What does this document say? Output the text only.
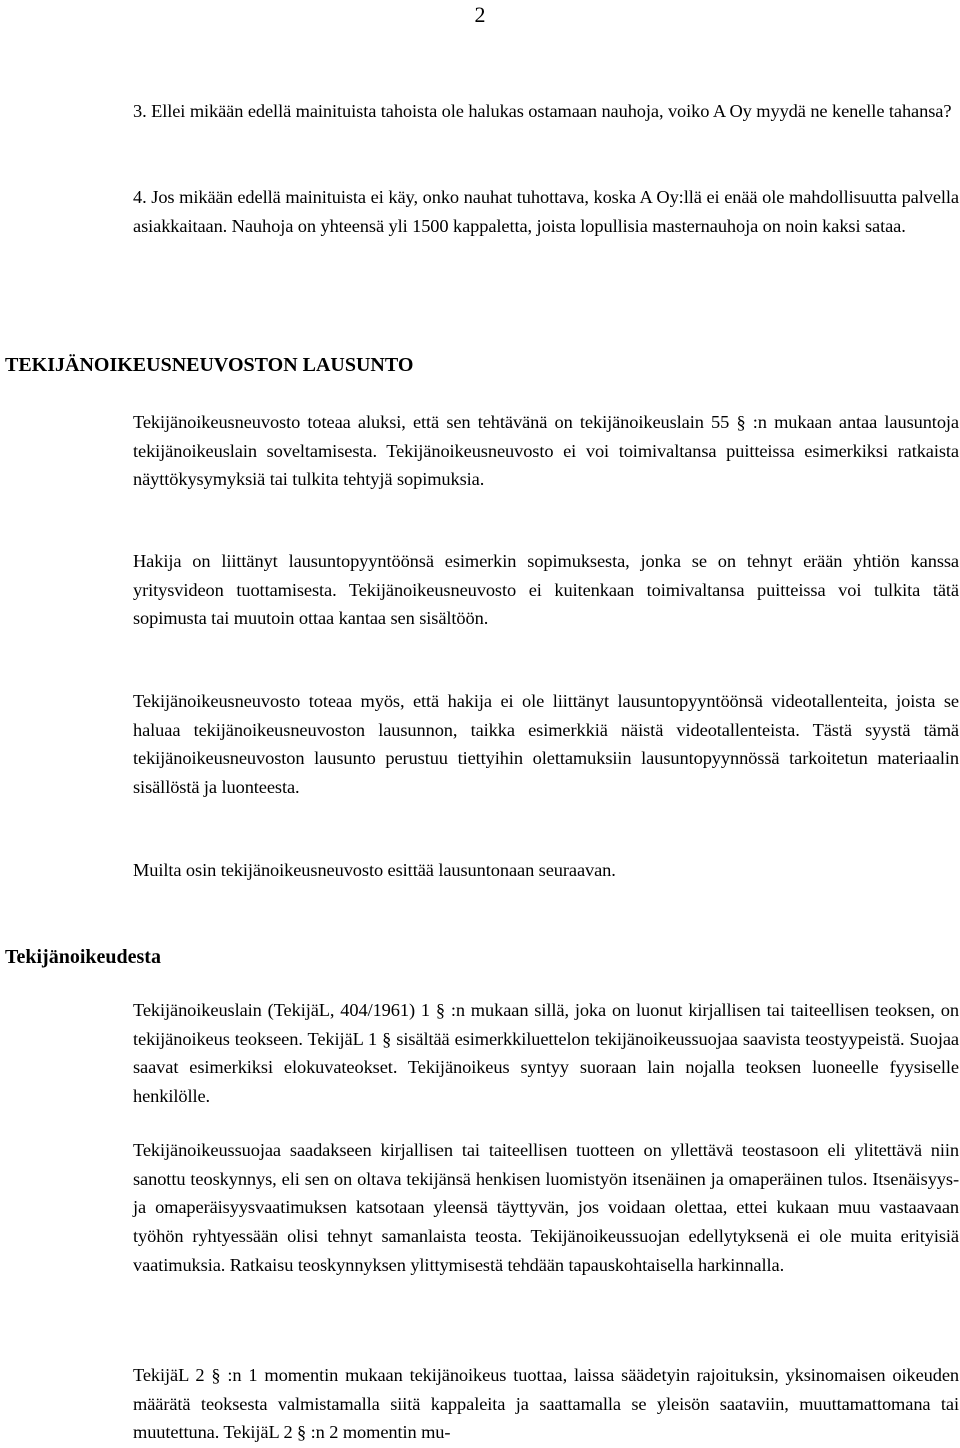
2

3. Ellei mikään edellä mainituista tahoista ole halukas ostamaan nauhoja, voiko A Oy myydä ne kenelle tahansa?

4. Jos mikään edellä mainituista ei käy, onko nauhat tuhottava, koska A Oy:llä ei enää ole mahdollisuutta palvella asiakkaitaan. Nauhoja on yhteensä yli 1500 kappaletta, joista lopullisia masternauhoja on noin kaksi sataa.

TEKIJÄNOIKEUSNEUVOSTON LAUSUNTO

Tekijänoikeusneuvosto toteaa aluksi, että sen tehtävänä on tekijänoikeuslain 55 § :n mukaan antaa lausuntoja tekijänoikeuslain soveltamisesta. Tekijänoikeusneuvosto ei voi toimivaltansa puitteissa esimerkiksi ratkaista näyttökysymyksiä tai tulkita tehtyjä sopimuksia.

Hakija on liittänyt lausuntopyyntöönsä esimerkin sopimuksesta, jonka se on tehnyt erään yhtiön kanssa yritysvideon tuottamisesta. Tekijänoikeusneuvosto ei kuitenkaan toimivaltansa puitteissa voi tulkita tätä sopimusta tai muutoin ottaa kantaa sen sisältöön.

Tekijänoikeusneuvosto toteaa myös, että hakija ei ole liittänyt lausuntopyyntöönsä videotallenteita, joista se haluaa tekijänoikeusneuvoston lausunnon, taikka esimerkkiä näistä videotallenteista. Tästä syystä tämä tekijänoikeusneuvoston lausunto perustuu tiettyihin olettamuksiin lausuntopyynnössä tarkoitetun materiaalin sisällöstä ja luonteesta.

Muilta osin tekijänoikeusneuvosto esittää lausuntonaan seuraavan.

Tekijänoikeudesta

Tekijänoikeuslain (TekijäL, 404/1961) 1 § :n mukaan sillä, joka on luonut kirjallisen tai taiteellisen teoksen, on tekijänoikeus teokseen. TekijäL 1 § sisältää esimerkkiluettelon tekijänoikeussuojaa saavista teostyypeistä. Suojaa saavat esimerkiksi elokuvateokset. Tekijänoikeus syntyy suoraan lain nojalla teoksen luoneelle fyysiselle henkilölle.

Tekijänoikeussuojaa saadakseen kirjallisen tai taiteellisen tuotteen on yllettävä teostasoon eli ylitettävä niin sanottu teoskynnys, eli sen on oltava tekijänsä henkisen luomistyön itsenäinen ja omaperäinen tulos. Itsenäisyys- ja omaperäisyysvaatimuksen katsotaan yleensä täyttyvän, jos voidaan olettaa, ettei kukaan muu vastaavaan työhön ryhtyessään olisi tehnyt samanlaista teosta. Tekijänoikeussuojan edellytyksenä ei ole muita erityisiä vaatimuksia. Ratkaisu teoskynnyksen ylittymisestä tehdään tapauskohtaisella harkinnalla.

TekijäL 2 § :n 1 momentin mukaan tekijänoikeus tuottaa, laissa säädetyin rajoituksin, yksinomaisen oikeuden määrätä teoksesta valmistamalla siitä kappaleita ja saattamalla se yleisön saataviin, muuttamattomana tai muutettuna. TekijäL 2 § :n 2 momentin mu-
